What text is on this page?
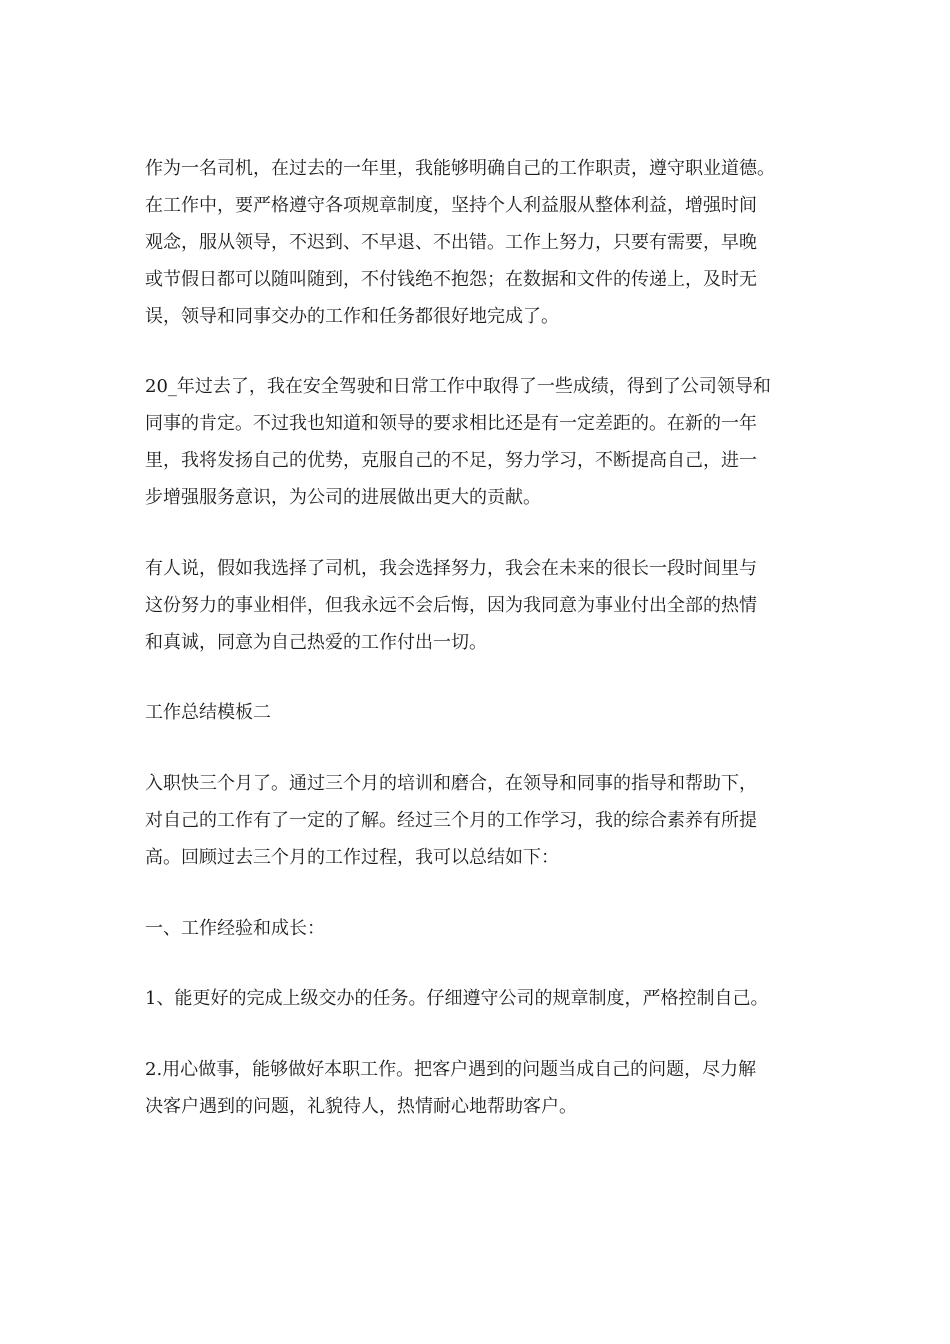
作为一名司机，在过去的一年里，我能够明确自己的工作职责，遵守职业道德。
在工作中，要严格遵守各项规章制度，坚持个人利益服从整体利益，增强时间
观念，服从领导，不迟到、不早退、不出错。工作上努力，只要有需要，早晚
或节假日都可以随叫随到，不付钱绝不抱怨；在数据和文件的传递上，及时无
误，领导和同事交办的工作和任务都很好地完成了。
20_年过去了，我在安全驾驶和日常工作中取得了一些成绩，得到了公司领导和
同事的肯定。不过我也知道和领导的要求相比还是有一定差距的。在新的一年
里，我将发扬自己的优势，克服自己的不足，努力学习，不断提高自己，进一
步增强服务意识，为公司的进展做出更大的贡献。
有人说，假如我选择了司机，我会选择努力，我会在未来的很长一段时间里与
这份努力的事业相伴，但我永远不会后悔，因为我同意为事业付出全部的热情
和真诚，同意为自己热爱的工作付出一切。
工作总结模板二
入职快三个月了。通过三个月的培训和磨合，在领导和同事的指导和帮助下，
对自己的工作有了一定的了解。经过三个月的工作学习，我的综合素养有所提
高。回顾过去三个月的工作过程，我可以总结如下：
一、工作经验和成长：
1、能更好的完成上级交办的任务。仔细遵守公司的规章制度，严格控制自己。
2.用心做事，能够做好本职工作。把客户遇到的问题当成自己的问题，尽力解
决客户遇到的问题，礼貌待人，热情耐心地帮助客户。
